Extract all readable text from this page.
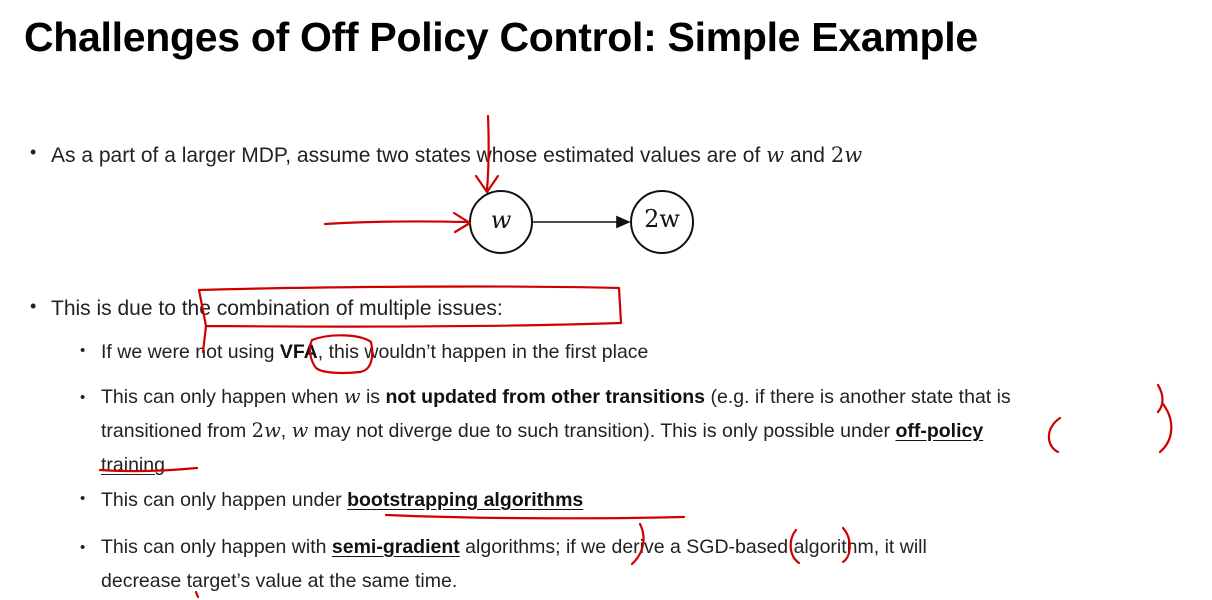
Challenges of Off Policy Control: Simple Example
• As a part of a larger MDP, assume two states whose estimated values are of w and 2w
w	2w
• This is due to the combination of multiple issues:
• If we were not using VFA, this wouldn’t happen in the first place
• This can only happen when w is not updated from other transitions (e.g. if there is another state that is
transitioned from 2w, w may not diverge due to such transition). This is only possible under off-policy
training
• This can only happen under bootstrapping algorithms
• This can only happen with semi-gradient algorithms; if we derive a SGD-based algorithm, it will
decrease target’s value at the same time.
